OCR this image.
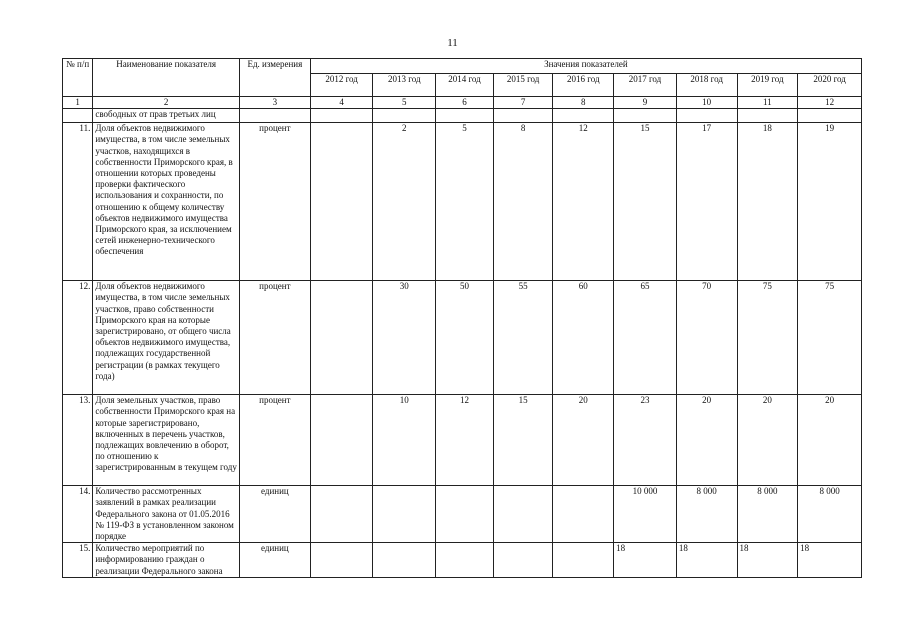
11
№ п/п	Наименование показателя	Ед. измерения	Значения показателей								
			2012 год	2013 год	2014 год	2015 год	2016 год	2017 год	2018 год	2019 год	2020 год
1	2	3	4	5	6	7	8	9	10	11	12
	свободных от прав третьих лиц										
11.	Доля объектов недвижимого имущества, в том числе земельных участков, находящихся в собственности Приморского края, в отношении которых проведены проверки фактического использования и сохранности, по отношению к общему количеству объектов недвижимого имущества Приморского края, за исключением сетей инженерно-технического обеспечения	процент		2	5	8	12	15	17	18	19
12.	Доля объектов недвижимого имущества, в том числе земельных участков, право собственности Приморского края на которые зарегистрировано, от общего числа объектов недвижимого имущества, подлежащих государственной регистрации (в рамках текущего года)	процент		30	50	55	60	65	70	75	75
13.	Доля земельных участков, право собственности Приморского края на которые зарегистрировано, включенных в перечень участков, подлежащих вовлечению в оборот, по отношению к зарегистрированным в текущем году	процент		10	12	15	20	23	20	20	20
14.	Количество рассмотренных заявлений в рамках реализации Федерального закона от 01.05.2016 № 119-ФЗ в установленном законом порядке	единиц						10 000	8 000	8 000	8 000
15.	Количество мероприятий по информированию граждан о реализации Федерального закона	единиц						18	18	18	18
